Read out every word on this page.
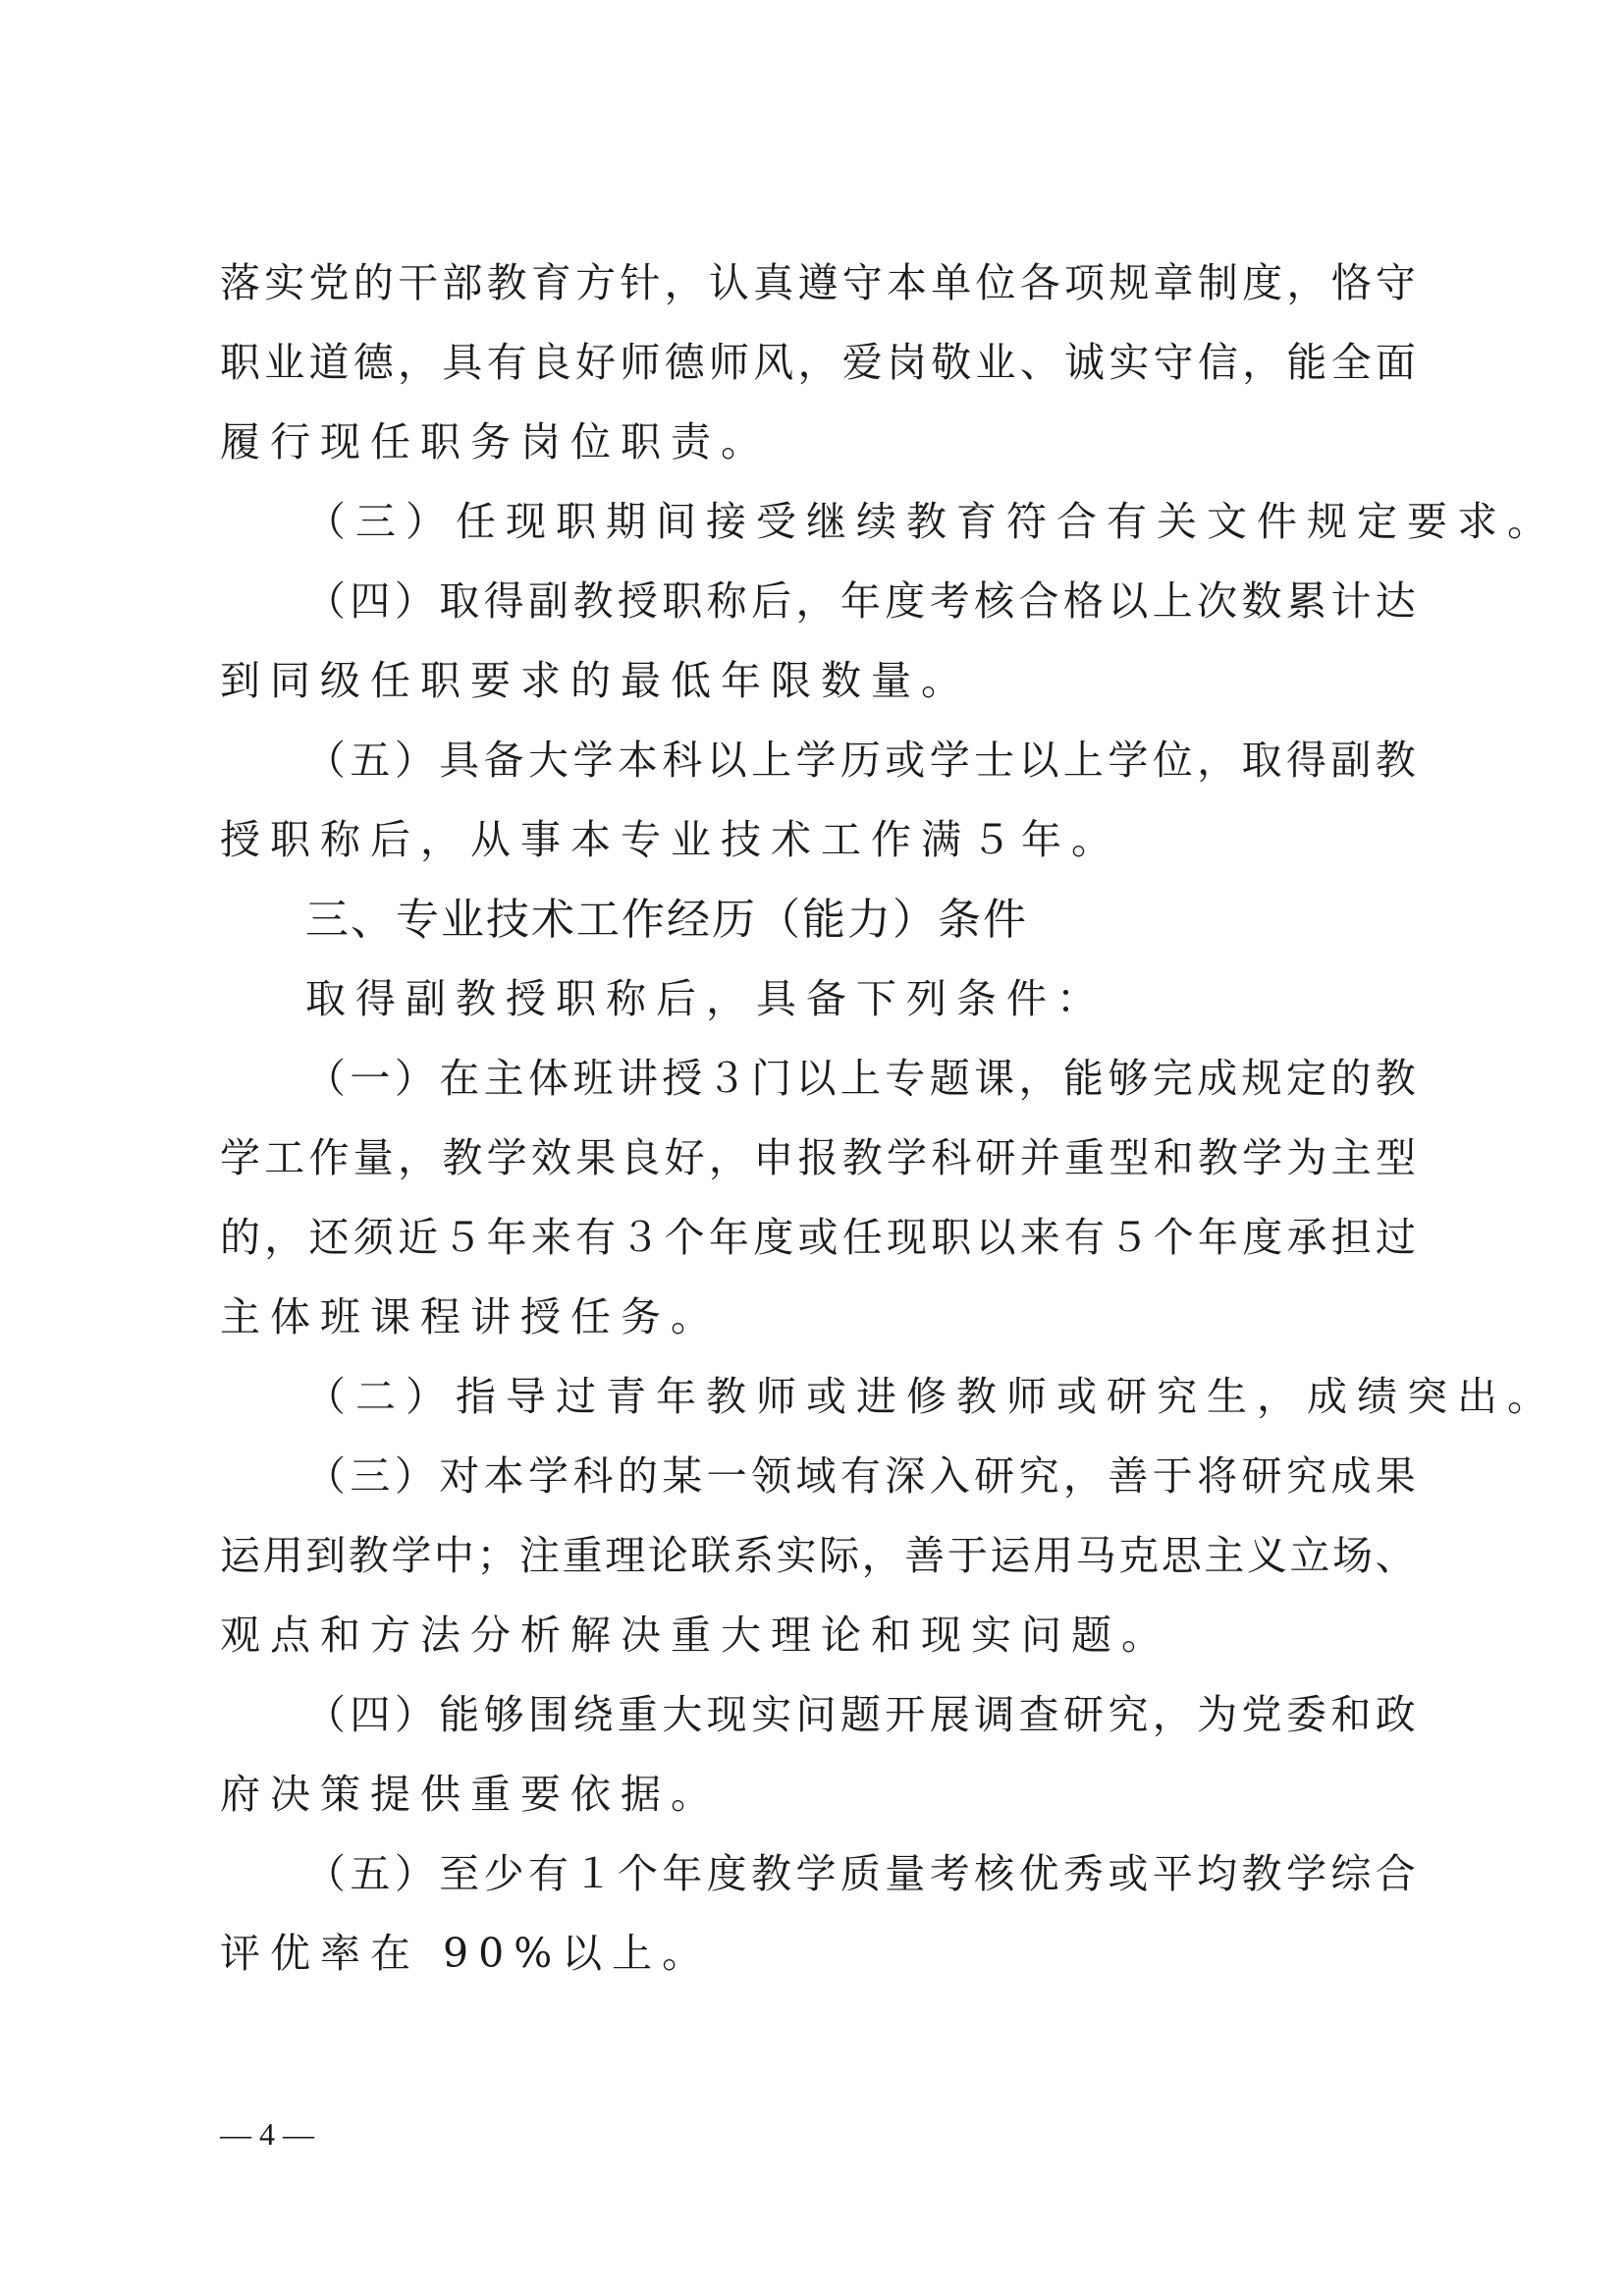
落 实 党 的 干 部 教 育 方 针 ， 认 真 遵 守 本 单 位 各 项 规 章 制 度 ， 恪 守
职 业 道 德 ， 具 有 良 好 师 德 师 风 ， 爱 岗 敬 业 、 诚 实 守 信 ， 能 全 面
履行现任职务岗位职责。
（三）任现职期间接受继续教育符合有关文件规定要求。
（ 四 ） 取 得 副 教 授 职 称 后 ， 年 度 考 核 合 格 以 上 次 数 累 计 达
到同级任职要求的最低年限数量。
（ 五 ） 具 备 大 学 本 科 以 上 学 历 或 学 士 以 上 学 位 ， 取 得 副 教
授职称后，从事本专业技术工作满５年。
三、专业技术工作经历（能力）条件
取得副教授职称后，具备下列条件：
（ 一 ） 在 主 体 班 讲 授 ３ 门 以 上 专 题 课 ， 能 够 完 成 规 定 的 教
学 工 作 量 ， 教 学 效 果 良 好 ， 申 报 教 学 科 研 并 重 型 和 教 学 为 主 型
的 ， 还 须 近 ５ 年 来 有 ３ 个 年 度 或 任 现 职 以 来 有 ５ 个 年 度 承 担 过
主体班课程讲授任务。
（二）指导过青年教师或进修教师或研究生，成绩突出。
（ 三 ） 对 本 学 科 的 某 一 领 域 有 深 入 研 究 ， 善 于 将 研 究 成 果
运 用 到 教 学 中 ； 注 重 理 论 联 系 实 际 ， 善 于 运 用 马 克 思 主 义 立 场 、
观点和方法分析解决重大理论和现实问题。
（ 四 ） 能 够 围 绕 重 大 现 实 问 题 开 展 调 查 研 究 ， 为 党 委 和 政
府决策提供重要依据。
（ 五 ） 至 少 有 １ 个 年 度 教 学 质 量 考 核 优 秀 或 平 均 教 学 综 合
评优率在 90%以上。
— 4 —
